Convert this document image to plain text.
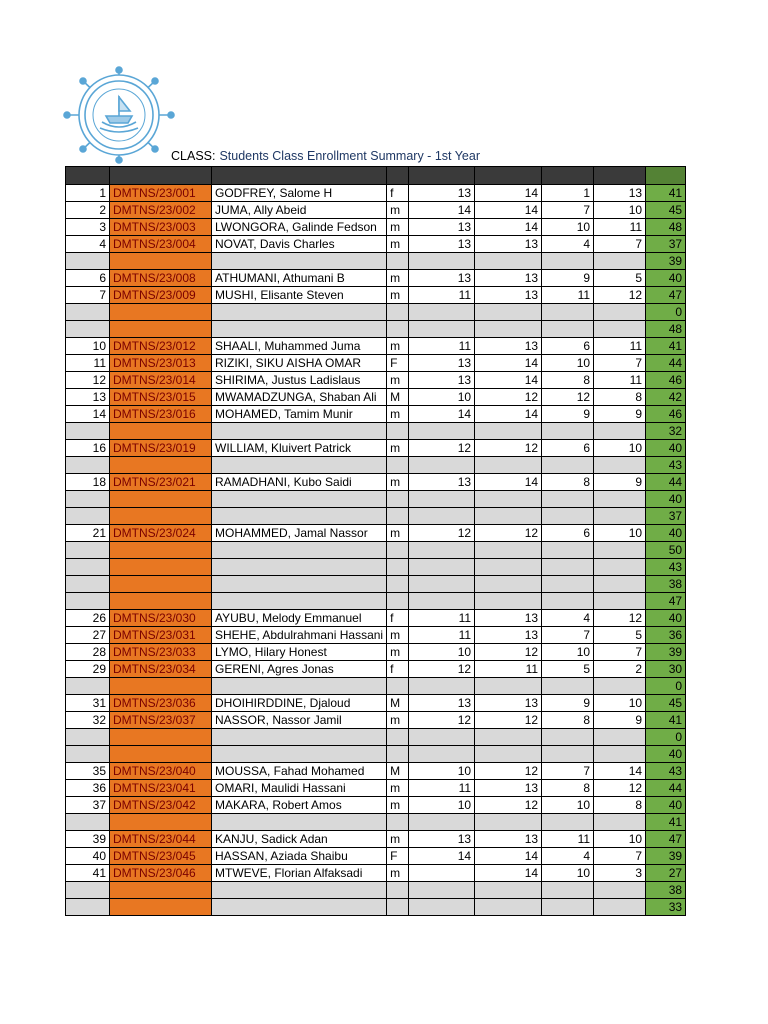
CLASS: Students Class Enrollment Summary - 1st Year

1	DMTNS/23/001	GODFREY, Salome H	f	13	14	1	13	41
2	DMTNS/23/002	JUMA, Ally Abeid	m	14	14	7	10	45
3	DMTNS/23/003	LWONGORA, Galinde Fedson	m	13	14	10	11	48
4	DMTNS/23/004	NOVAT, Davis Charles	m	13	13	4	7	37
								39
6	DMTNS/23/008	ATHUMANI, Athumani B	m	13	13	9	5	40
7	DMTNS/23/009	MUSHI, Elisante Steven	m	11	13	11	12	47
								0
								48
10	DMTNS/23/012	SHAALI, Muhammed Juma	m	11	13	6	11	41
11	DMTNS/23/013	RIZIKI, SIKU AISHA OMAR	F	13	14	10	7	44
12	DMTNS/23/014	SHIRIMA, Justus Ladislaus	m	13	14	8	11	46
13	DMTNS/23/015	MWAMADZUNGA, Shaban Ali	M	10	12	12	8	42
14	DMTNS/23/016	MOHAMED, Tamim Munir	m	14	14	9	9	46
								32
16	DMTNS/23/019	WILLIAM, Kluivert Patrick	m	12	12	6	10	40
								43
18	DMTNS/23/021	RAMADHANI, Kubo Saidi	m	13	14	8	9	44
								40
								37
21	DMTNS/23/024	MOHAMMED, Jamal Nassor	m	12	12	6	10	40
								50
								43
								38
								47
26	DMTNS/23/030	AYUBU, Melody Emmanuel	f	11	13	4	12	40
27	DMTNS/23/031	SHEHE, Abdulrahmani Hassani	m	11	13	7	5	36
28	DMTNS/23/033	LYMO, Hilary Honest	m	10	12	10	7	39
29	DMTNS/23/034	GERENI, Agres Jonas	f	12	11	5	2	30
								0
31	DMTNS/23/036	DHOIHIRDDINE, Djaloud	M	13	13	9	10	45
32	DMTNS/23/037	NASSOR, Nassor Jamil	m	12	12	8	9	41
								0
								40
35	DMTNS/23/040	MOUSSA, Fahad Mohamed	M	10	12	7	14	43
36	DMTNS/23/041	OMARI, Maulidi Hassani	m	11	13	8	12	44
37	DMTNS/23/042	MAKARA, Robert Amos	m	10	12	10	8	40
								41
39	DMTNS/23/044	KANJU, Sadick Adan	m	13	13	11	10	47
40	DMTNS/23/045	HASSAN, Aziada Shaibu	F	14	14	4	7	39
41	DMTNS/23/046	MTWEVE, Florian Alfaksadi	m		14	10	3	27
								38
								33
